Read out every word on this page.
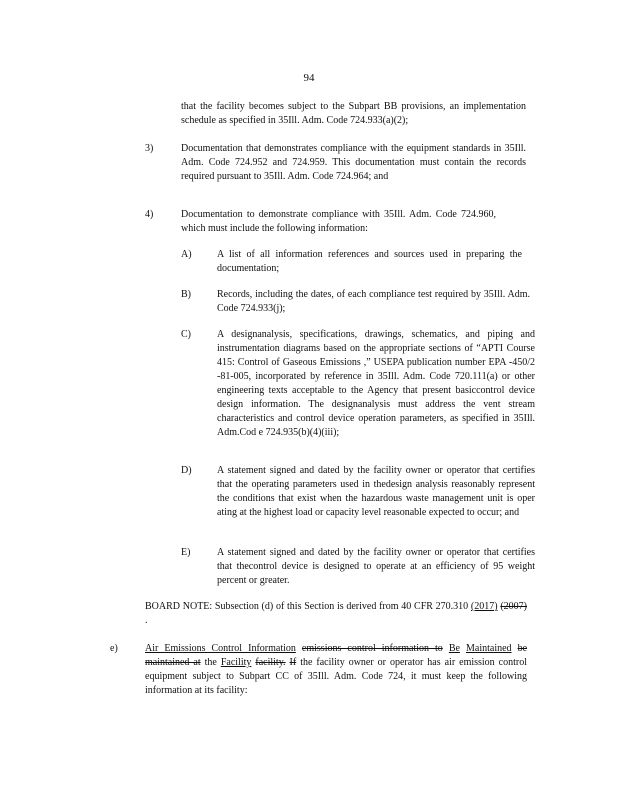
94
that the facility becomes subject to the Subpart BB provisions, an implementation schedule as specified in 35Ill. Adm. Code 724.933(a)(2);
3)	Documentation that demonstrates compliance with the equipment standards in 35Ill. Adm. Code 724.952 and 724.959. This documentation must contain the records required pursuant to 35Ill. Adm. Code 724.964; and
4)	Documentation to demonstrate compliance with 35Ill. Adm. Code 724.960, which must include the following information:
A)	A list of all information references and sources used in preparing the documentation;
B)	Records, including the dates, of each compliance test required by 35Ill. Adm. Code 724.933(j);
C)	A designanalysis, specifications, drawings, schematics, and piping and instrumentation diagrams based on the appropriate sections of “APTI Course 415: Control of Gaseous Emissions ,” USEPA publication number EPA -450/2 -81-005, incorporated by reference in 35Ill. Adm. Code 720.111(a) or other engineering texts acceptable to the Agency that present basiccontrol device design information. The designanalysis must address the vent stream characteristics and control device operation parameters, as specified in 35Ill. Adm.Cod e 724.935(b)(4)(iii);
D)	A statement signed and dated by the facility owner or operator that certifies that the operating parameters used in thedesign analysis reasonably represent the conditions that exist when the hazardous waste management unit is oper ating at the highest load or capacity level reasonable expected to occur; and
E)	A statement signed and dated by the facility owner or operator that certifies that thecontrol device is designed to operate at an efficiency of 95 weight percent or greater.
BOARD NOTE: Subsection (d) of this Section is derived from 40 CFR 270.310 (2017) (2007) .
e)	Air Emissions Control Information emissions control information to Be Maintained be maintained at the Facility facility. If the facility owner or operator has air emission control equipment subject to Subpart CC of 35Ill. Adm. Code 724, it must keep the following information at its facility:
